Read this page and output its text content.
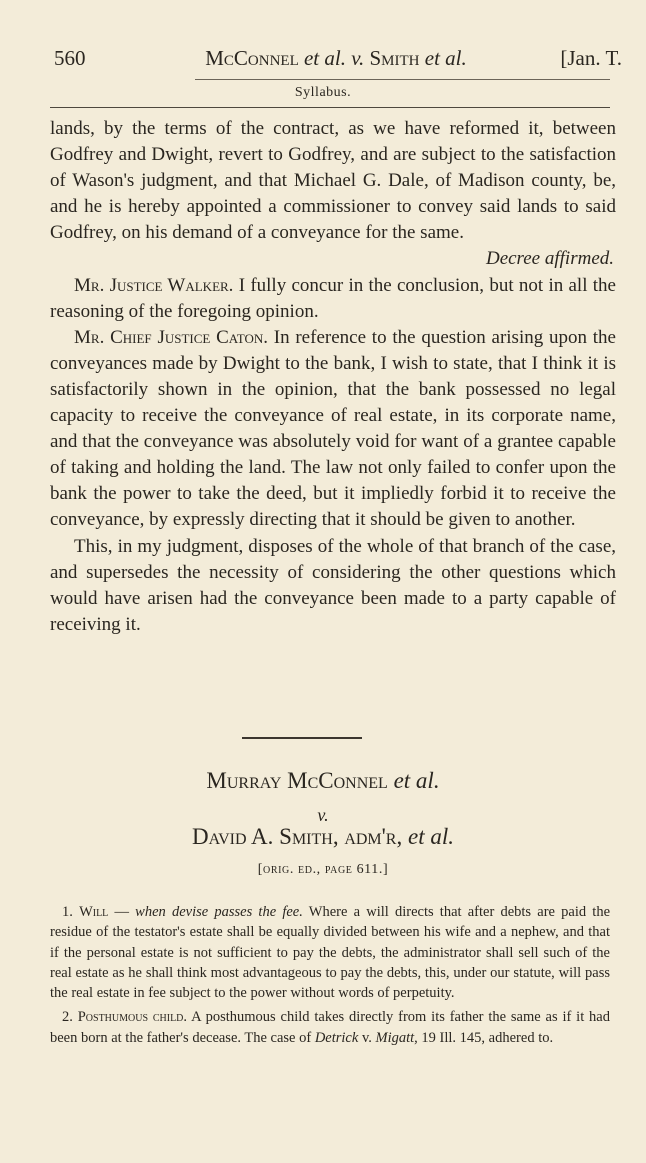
560	McConnel et al. v. Smith et al.	[Jan. T.
Syllabus.

lands, by the terms of the contract, as we have reformed it, between Godfrey and Dwight, revert to Godfrey, and are subject to the satisfaction of Wason's judgment, and that Michael G. Dale, of Madison county, be, and he is hereby appointed a commissioner to convey said lands to said Godfrey, on his demand of a conveyance for the same.

Decree affirmed.

Mr. Justice Walker. I fully concur in the conclusion, but not in all the reasoning of the foregoing opinion.

Mr. Chief Justice Caton. In reference to the question arising upon the conveyances made by Dwight to the bank, I wish to state, that I think it is satisfactorily shown in the opinion, that the bank possessed no legal capacity to receive the conveyance of real estate, in its corporate name, and that the conveyance was absolutely void for want of a grantee capable of taking and holding the land. The law not only failed to confer upon the bank the power to take the deed, but it impliedly forbid it to receive the conveyance, by expressly directing that it should be given to another.

This, in my judgment, disposes of the whole of that branch of the case, and supersedes the necessity of considering the other questions which would have arisen had the conveyance been made to a party capable of receiving it.

Murray McConnel et al.
v.
David A. Smith, adm'r, et al.
[orig. ed., page 611.]

1. Will — when devise passes the fee. Where a will directs that after debts are paid the residue of the testator's estate shall be equally divided between his wife and a nephew, and that if the personal estate is not sufficient to pay the debts, the administrator shall sell such of the real estate as he shall think most advantageous to pay the debts, this, under our statute, will pass the real estate in fee subject to the power without words of perpetuity.

2. Posthumous child. A posthumous child takes directly from its father the same as if it had been born at the father's decease. The case of Detrick v. Migatt, 19 Ill. 145, adhered to.
